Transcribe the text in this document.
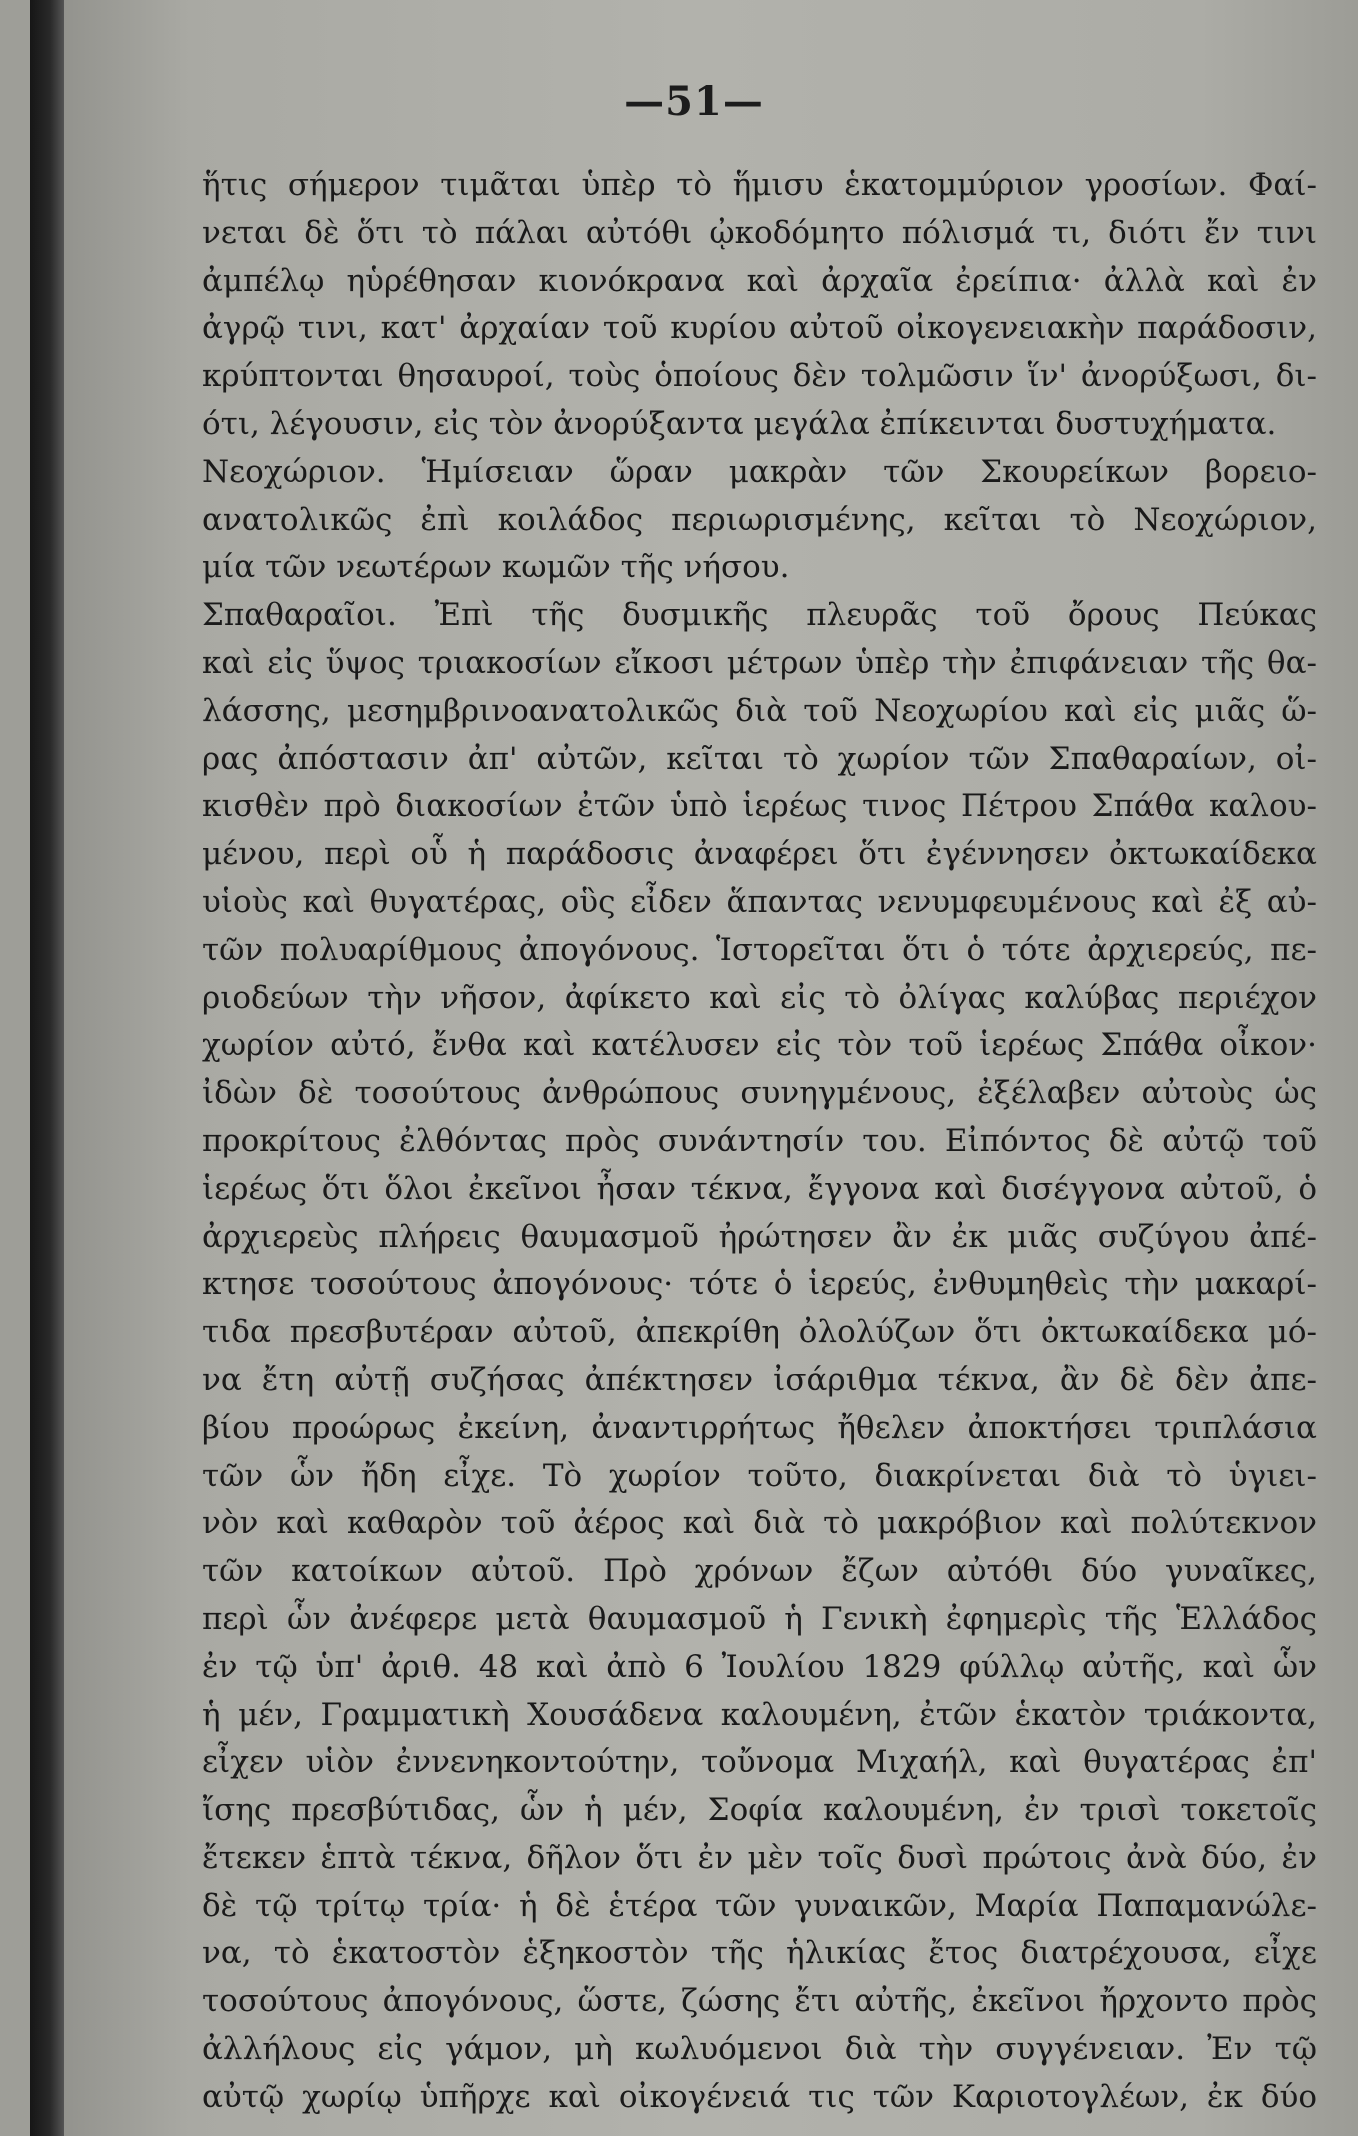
—51—
ἥτις σήμερον τιμᾶται ὑπὲρ τὸ ἥμισυ ἑκατομμύριον γροσίων. Φαί-
νεται δὲ ὅτι τὸ πάλαι αὐτόθι ᾠκοδόμητο πόλισμά τι, διότι ἔν τινι
ἀμπέλῳ ηὑρέθησαν κιονόκρανα καὶ ἀρχαῖα ἐρείπια· ἀλλὰ καὶ ἐν
ἀγρῷ τινι, κατ' ἀρχαίαν τοῦ κυρίου αὐτοῦ οἰκογενειακὴν παράδοσιν,
κρύπτονται θησαυροί, τοὺς ὁποίους δὲν τολμῶσιν ἵν' ἀνορύξωσι, δι-
ότι, λέγουσιν, εἰς τὸν ἀνορύξαντα μεγάλα ἐπίκεινται δυστυχήματα.
Νεοχώριον. Ἡμίσειαν ὥραν μακρὰν τῶν Σκουρείκων βορειο-
ανατολικῶς ἐπὶ κοιλάδος περιωρισμένης, κεῖται τὸ Νεοχώριον,
μία τῶν νεωτέρων κωμῶν τῆς νήσου.
Σπαθαραῖοι. Ἐπὶ τῆς δυσμικῆς πλευρᾶς τοῦ ὄρους Πεύκας
καὶ εἰς ὕψος τριακοσίων εἴκοσι μέτρων ὑπὲρ τὴν ἐπιφάνειαν τῆς θα-
λάσσης, μεσημβρινοανατολικῶς διὰ τοῦ Νεοχωρίου καὶ εἰς μιᾶς ὥ-
ρας ἀπόστασιν ἀπ' αὐτῶν, κεῖται τὸ χωρίον τῶν Σπαθαραίων, οἰ-
κισθὲν πρὸ διακοσίων ἐτῶν ὑπὸ ἱερέως τινος Πέτρου Σπάθα καλου-
μένου, περὶ οὗ ἡ παράδοσις ἀναφέρει ὅτι ἐγέννησεν ὀκτωκαίδεκα
υἱοὺς καὶ θυγατέρας, οὓς εἶδεν ἅπαντας νενυμφευμένους καὶ ἐξ αὐ-
τῶν πολυαρίθμους ἀπογόνους. Ἱστορεῖται ὅτι ὁ τότε ἀρχιερεύς, πε-
ριοδεύων τὴν νῆσον, ἀφίκετο καὶ εἰς τὸ ὀλίγας καλύβας περιέχον
χωρίον αὐτό, ἔνθα καὶ κατέλυσεν εἰς τὸν τοῦ ἱερέως Σπάθα οἶκον·
ἰδὼν δὲ τοσούτους ἀνθρώπους συνηγμένους, ἐξέλαβεν αὐτοὺς ὡς
προκρίτους ἐλθόντας πρὸς συνάντησίν του. Εἰπόντος δὲ αὐτῷ τοῦ
ἱερέως ὅτι ὅλοι ἐκεῖνοι ἦσαν τέκνα, ἔγγονα καὶ δισέγγονα αὐτοῦ, ὁ
ἀρχιερεὺς πλήρεις θαυμασμοῦ ἠρώτησεν ἂν ἐκ μιᾶς συζύγου ἀπέ-
κτησε τοσούτους ἀπογόνους· τότε ὁ ἱερεύς, ἐνθυμηθεὶς τὴν μακαρί-
τιδα πρεσβυτέραν αὐτοῦ, ἀπεκρίθη ὀλολύζων ὅτι ὀκτωκαίδεκα μό-
να ἔτη αὐτῇ συζήσας ἀπέκτησεν ἰσάριθμα τέκνα, ἂν δὲ δὲν ἀπε-
βίου προώρως ἐκείνη, ἀναντιρρήτως ἤθελεν ἀποκτήσει τριπλάσια
τῶν ὧν ἤδη εἶχε. Τὸ χωρίον τοῦτο, διακρίνεται διὰ τὸ ὑγιει-
νὸν καὶ καθαρὸν τοῦ ἀέρος καὶ διὰ τὸ μακρόβιον καὶ πολύτεκνον
τῶν κατοίκων αὐτοῦ. Πρὸ χρόνων ἔζων αὐτόθι δύο γυναῖκες,
περὶ ὧν ἀνέφερε μετὰ θαυμασμοῦ ἡ Γενικὴ ἐφημερὶς τῆς Ἑλλάδος
ἐν τῷ ὑπ' ἀριθ. 48 καὶ ἀπὸ 6 Ἰουλίου 1829 φύλλῳ αὐτῆς, καὶ ὧν
ἡ μέν, Γραμματικὴ Χουσάδενα καλουμένη, ἐτῶν ἑκατὸν τριάκοντα,
εἶχεν υἱὸν ἐννενηκοντούτην, τοὔνομα Μιχαήλ, καὶ θυγατέρας ἐπ'
ἴσης πρεσβύτιδας, ὧν ἡ μέν, Σοφία καλουμένη, ἐν τρισὶ τοκετοῖς
ἔτεκεν ἑπτὰ τέκνα, δῆλον ὅτι ἐν μὲν τοῖς δυσὶ πρώτοις ἀνὰ δύο, ἐν
δὲ τῷ τρίτῳ τρία· ἡ δὲ ἑτέρα τῶν γυναικῶν, Μαρία Παπαμανώλε-
να, τὸ ἑκατοστὸν ἑξηκοστὸν τῆς ἡλικίας ἔτος διατρέχουσα, εἶχε
τοσούτους ἀπογόνους, ὥστε, ζώσης ἔτι αὐτῆς, ἐκεῖνοι ἤρχοντο πρὸς
ἀλλήλους εἰς γάμον, μὴ κωλυόμενοι διὰ τὴν συγγένειαν. Ἐν τῷ
αὐτῷ χωρίῳ ὑπῆρχε καὶ οἰκογένειά τις τῶν Καριοτογλέων, ἐκ δύο
